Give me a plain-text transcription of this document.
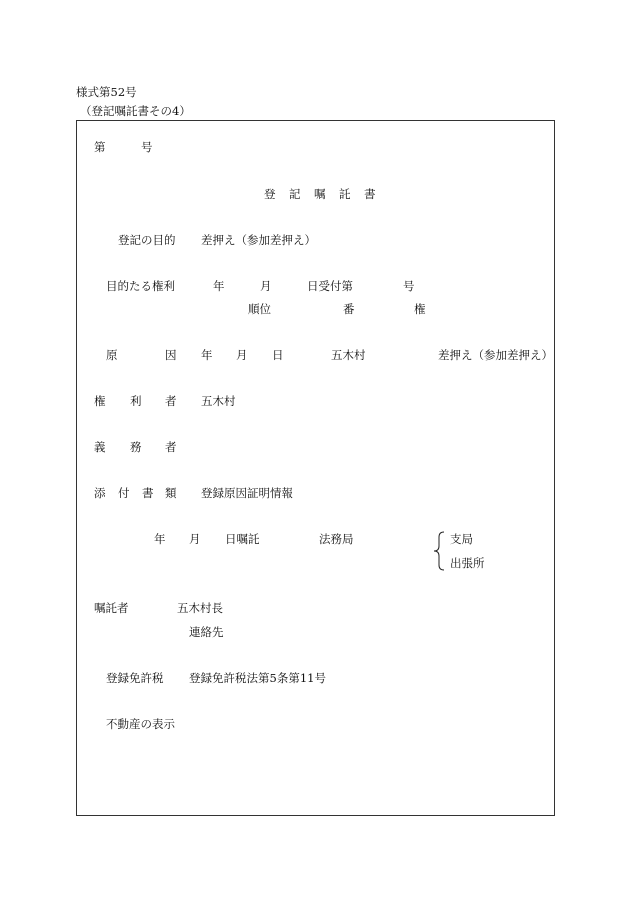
様式第52号
（登記嘱託書その4）
第	号
登　記　嘱　託　書
登記の目的 差押え（参加差押え）
目的たる権利	年	月	日受付第	号
順位	番	権
原	因 年 月 日	五木村	差押え（参加差押え）
権 利 者 五木村
義 務 者
添 付 書 類 登録原因証明情報
年 月 日嘱託	法務局	支局
出張所
嘱託者	五木村長
連絡先
登録免許税 登録免許税法第5条第11号
不動産の表示
